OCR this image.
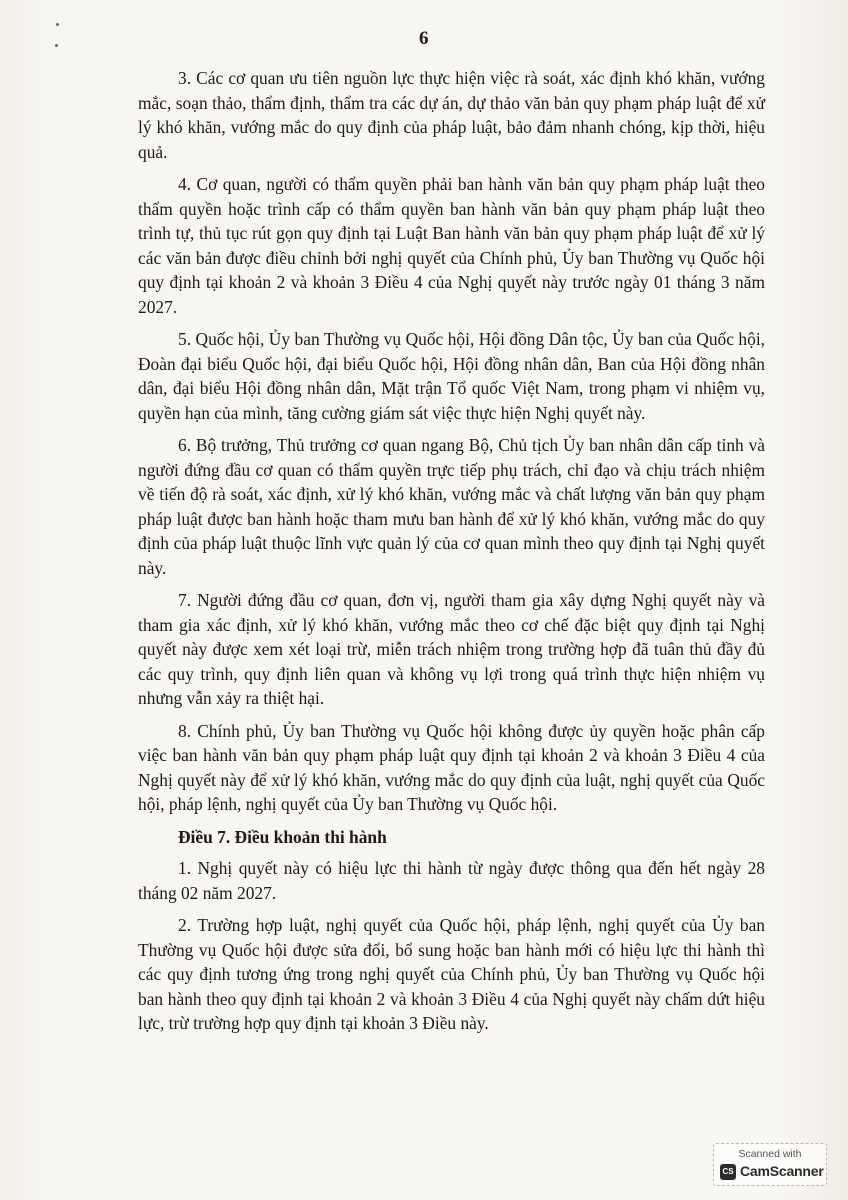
6

3. Các cơ quan ưu tiên nguồn lực thực hiện việc rà soát, xác định khó khăn, vướng mắc, soạn thảo, thẩm định, thẩm tra các dự án, dự thảo văn bản quy phạm pháp luật để xử lý khó khăn, vướng mắc do quy định của pháp luật, bảo đảm nhanh chóng, kịp thời, hiệu quả.

4. Cơ quan, người có thẩm quyền phải ban hành văn bản quy phạm pháp luật theo thẩm quyền hoặc trình cấp có thẩm quyền ban hành văn bản quy phạm pháp luật theo trình tự, thủ tục rút gọn quy định tại Luật Ban hành văn bản quy phạm pháp luật để xử lý các văn bản được điều chỉnh bởi nghị quyết của Chính phủ, Ủy ban Thường vụ Quốc hội quy định tại khoản 2 và khoản 3 Điều 4 của Nghị quyết này trước ngày 01 tháng 3 năm 2027.

5. Quốc hội, Ủy ban Thường vụ Quốc hội, Hội đồng Dân tộc, Ủy ban của Quốc hội, Đoàn đại biểu Quốc hội, đại biểu Quốc hội, Hội đồng nhân dân, Ban của Hội đồng nhân dân, đại biểu Hội đồng nhân dân, Mặt trận Tổ quốc Việt Nam, trong phạm vi nhiệm vụ, quyền hạn của mình, tăng cường giám sát việc thực hiện Nghị quyết này.

6. Bộ trưởng, Thủ trưởng cơ quan ngang Bộ, Chủ tịch Ủy ban nhân dân cấp tỉnh và người đứng đầu cơ quan có thẩm quyền trực tiếp phụ trách, chỉ đạo và chịu trách nhiệm về tiến độ rà soát, xác định, xử lý khó khăn, vướng mắc và chất lượng văn bản quy phạm pháp luật được ban hành hoặc tham mưu ban hành để xử lý khó khăn, vướng mắc do quy định của pháp luật thuộc lĩnh vực quản lý của cơ quan mình theo quy định tại Nghị quyết này.

7. Người đứng đầu cơ quan, đơn vị, người tham gia xây dựng Nghị quyết này và tham gia xác định, xử lý khó khăn, vướng mắc theo cơ chế đặc biệt quy định tại Nghị quyết này được xem xét loại trừ, miễn trách nhiệm trong trường hợp đã tuân thủ đầy đủ các quy trình, quy định liên quan và không vụ lợi trong quá trình thực hiện nhiệm vụ nhưng vẫn xảy ra thiệt hại.

8. Chính phủ, Ủy ban Thường vụ Quốc hội không được ủy quyền hoặc phân cấp việc ban hành văn bản quy phạm pháp luật quy định tại khoản 2 và khoản 3 Điều 4 của Nghị quyết này để xử lý khó khăn, vướng mắc do quy định của luật, nghị quyết của Quốc hội, pháp lệnh, nghị quyết của Ủy ban Thường vụ Quốc hội.

Điều 7. Điều khoản thi hành

1. Nghị quyết này có hiệu lực thi hành từ ngày được thông qua đến hết ngày 28 tháng 02 năm 2027.

2. Trường hợp luật, nghị quyết của Quốc hội, pháp lệnh, nghị quyết của Ủy ban Thường vụ Quốc hội được sửa đổi, bổ sung hoặc ban hành mới có hiệu lực thi hành thì các quy định tương ứng trong nghị quyết của Chính phủ, Ủy ban Thường vụ Quốc hội ban hành theo quy định tại khoản 2 và khoản 3 Điều 4 của Nghị quyết này chấm dứt hiệu lực, trừ trường hợp quy định tại khoản 3 Điều này.

Scanned with
CS CamScanner
